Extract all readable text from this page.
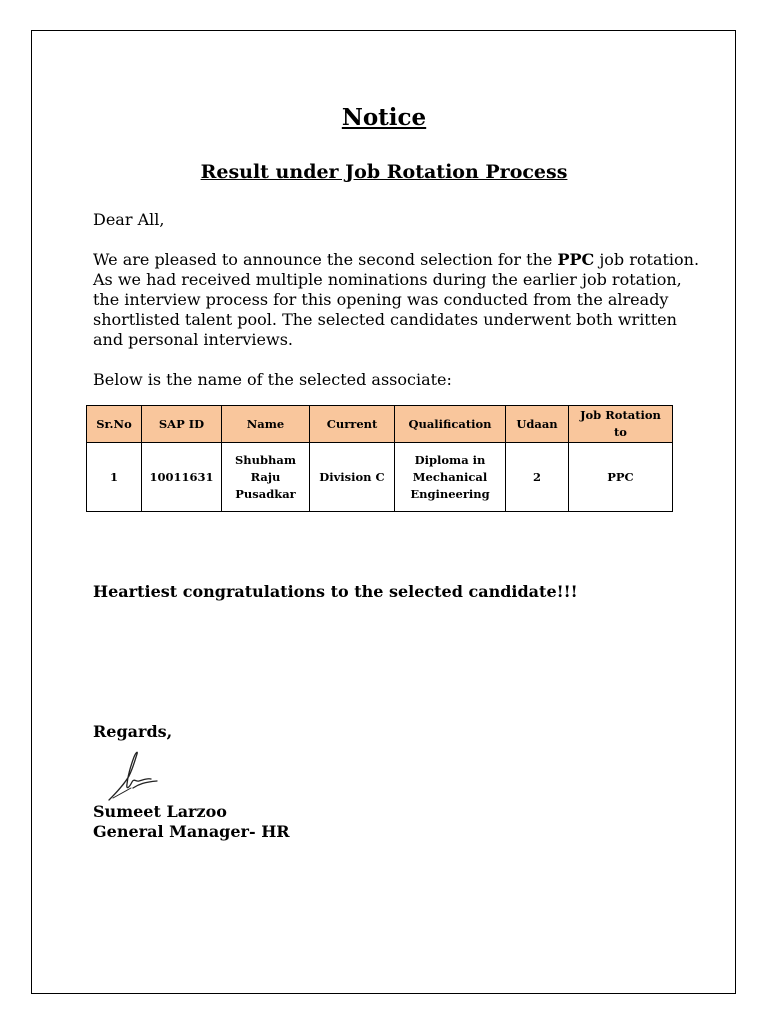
Notice
Result under Job Rotation Process
Dear All,
We are pleased to announce the second selection for the PPC job rotation.
As we had received multiple nominations during the earlier job rotation,
the interview process for this opening was conducted from the already
shortlisted talent pool. The selected candidates underwent both written
and personal interviews.
Below is the name of the selected associate:
Sr.No	SAP ID	Name	Current	Qualification	Udaan	Job Rotation to
1	10011631	Shubham Raju Pusadkar	Division C	Diploma in Mechanical Engineering	2	PPC
Heartiest congratulations to the selected candidate!!!
Regards,
Sumeet Larzoo
General Manager- HR
